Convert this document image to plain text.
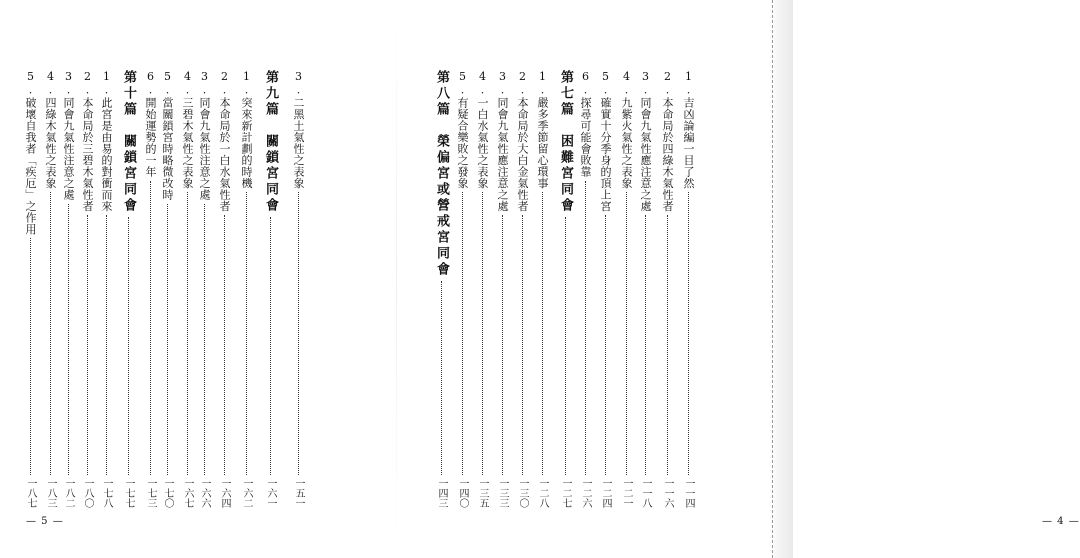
3.二黑土氣性之表象
一五一
第九篇　關鎖宮同會
一六一
1.突來新計劃的時機
一六二
2.本命局於一白水氣性者
一六四
3.同會九氣性注意之處
一六六
4.三碧木氣性之表象
一六七
5.當關鎖宮時略微改時
一七〇
6.開始運勢的一年
一七三
第十篇　關鎖宮同會
一七七
1.此宮是由易的對衝而來
一七八
2.本命局於三碧木氣性者
一八〇
3.同會九氣性注意之處
一八二
4.四綠木氣性之表象
一八三
5.破壞自我者「疾厄」之作用
一八七
— 5 —
1.吉凶論編一目了然
一一四
2.本命局於四綠木氣性者
一一六
3.同會九氣性應注意之處
一一八
4.九紫火氣性之表象
一二一
5.確實十分季身的頂上宮
一二四
6.探尋可能會敗靠
一二六
第七篇　困難宮同會
一二七
1.嚴多季節留心環事
一二八
2.本命局於大白金氣性者
一三〇
3.同會九氣性應注意之處
一三三
4.一白水氣性之表象
一三五
5.有疑合樂敗之發象
一四〇
第八篇　榮偏宮或營戒宮同會
一四三
— 4 —
